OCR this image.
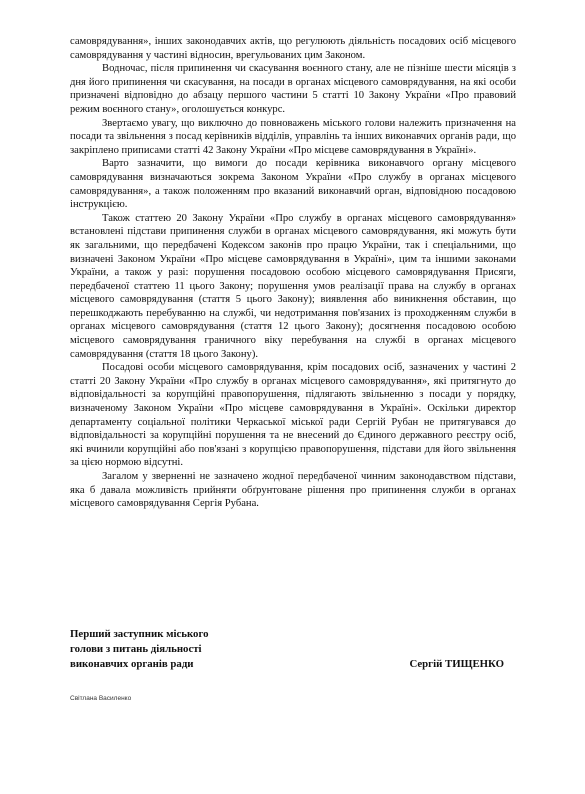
самоврядування», інших законодавчих актів, що регулюють діяльність посадових осіб місцевого самоврядування у частині відносин, врегульованих цим Законом.

Водночас, після припинення чи скасування воєнного стану, але не пізніше шести місяців з дня його припинення чи скасування, на посади в органах місцевого самоврядування, на які особи призначені відповідно до абзацу першого частини 5 статті 10 Закону України «Про правовий режим воєнного стану», оголошується конкурс.

Звертаємо увагу, що виключно до повноважень міського голови належить призначення на посади та звільнення з посад керівників відділів, управлінь та інших виконавчих органів ради, що закріплено приписами статті 42 Закону України «Про місцеве самоврядування в Україні».

Варто зазначити, що вимоги до посади керівника виконавчого органу місцевого самоврядування визначаються зокрема Законом України «Про службу в органах місцевого самоврядування», а також положенням про вказаний виконавчий орган, відповідною посадовою інструкцією.

Також статтею 20 Закону України «Про службу в органах місцевого самоврядування» встановлені підстави припинення служби в органах місцевого самоврядування, які можуть бути як загальними, що передбачені Кодексом законів про працю України, так і спеціальними, що визначені Законом України «Про місцеве самоврядування в Україні», цим та іншими законами України, а також у разі: порушення посадовою особою місцевого самоврядування Присяги, передбаченої статтею 11 цього Закону; порушення умов реалізації права на службу в органах місцевого самоврядування (стаття 5 цього Закону); виявлення або виникнення обставин, що перешкоджають перебуванню на службі, чи недотримання пов'язаних із проходженням служби в органах місцевого самоврядування (стаття 12 цього Закону); досягнення посадовою особою місцевого самоврядування граничного віку перебування на службі в органах місцевого самоврядування (стаття 18 цього Закону).

Посадові особи місцевого самоврядування, крім посадових осіб, зазначених у частині 2 статті 20 Закону України «Про службу в органах місцевого самоврядування», які притягнуто до відповідальності за корупційні правопорушення, підлягають звільненню з посади у порядку, визначеному Законом України «Про місцеве самоврядування в Україні». Оскільки директор департаменту соціальної політики Черкаської міської ради Сергій Рубан не притягувався до відповідальності за корупційні порушення та не внесений до Єдиного державного реєстру осіб, які вчинили корупційні або пов'язані з корупцією правопорушення, підстави для його звільнення за цією нормою відсутні.

Загалом у зверненні не зазначено жодної передбаченої чинним законодавством підстави, яка б давала можливість прийняти обґрунтоване рішення про припинення служби в органах місцевого самоврядування Сергія Рубана.

Перший заступник міського
голови з питань діяльності
виконавчих органів ради	Сергій ТИЩЕНКО
Світлана Василенко
